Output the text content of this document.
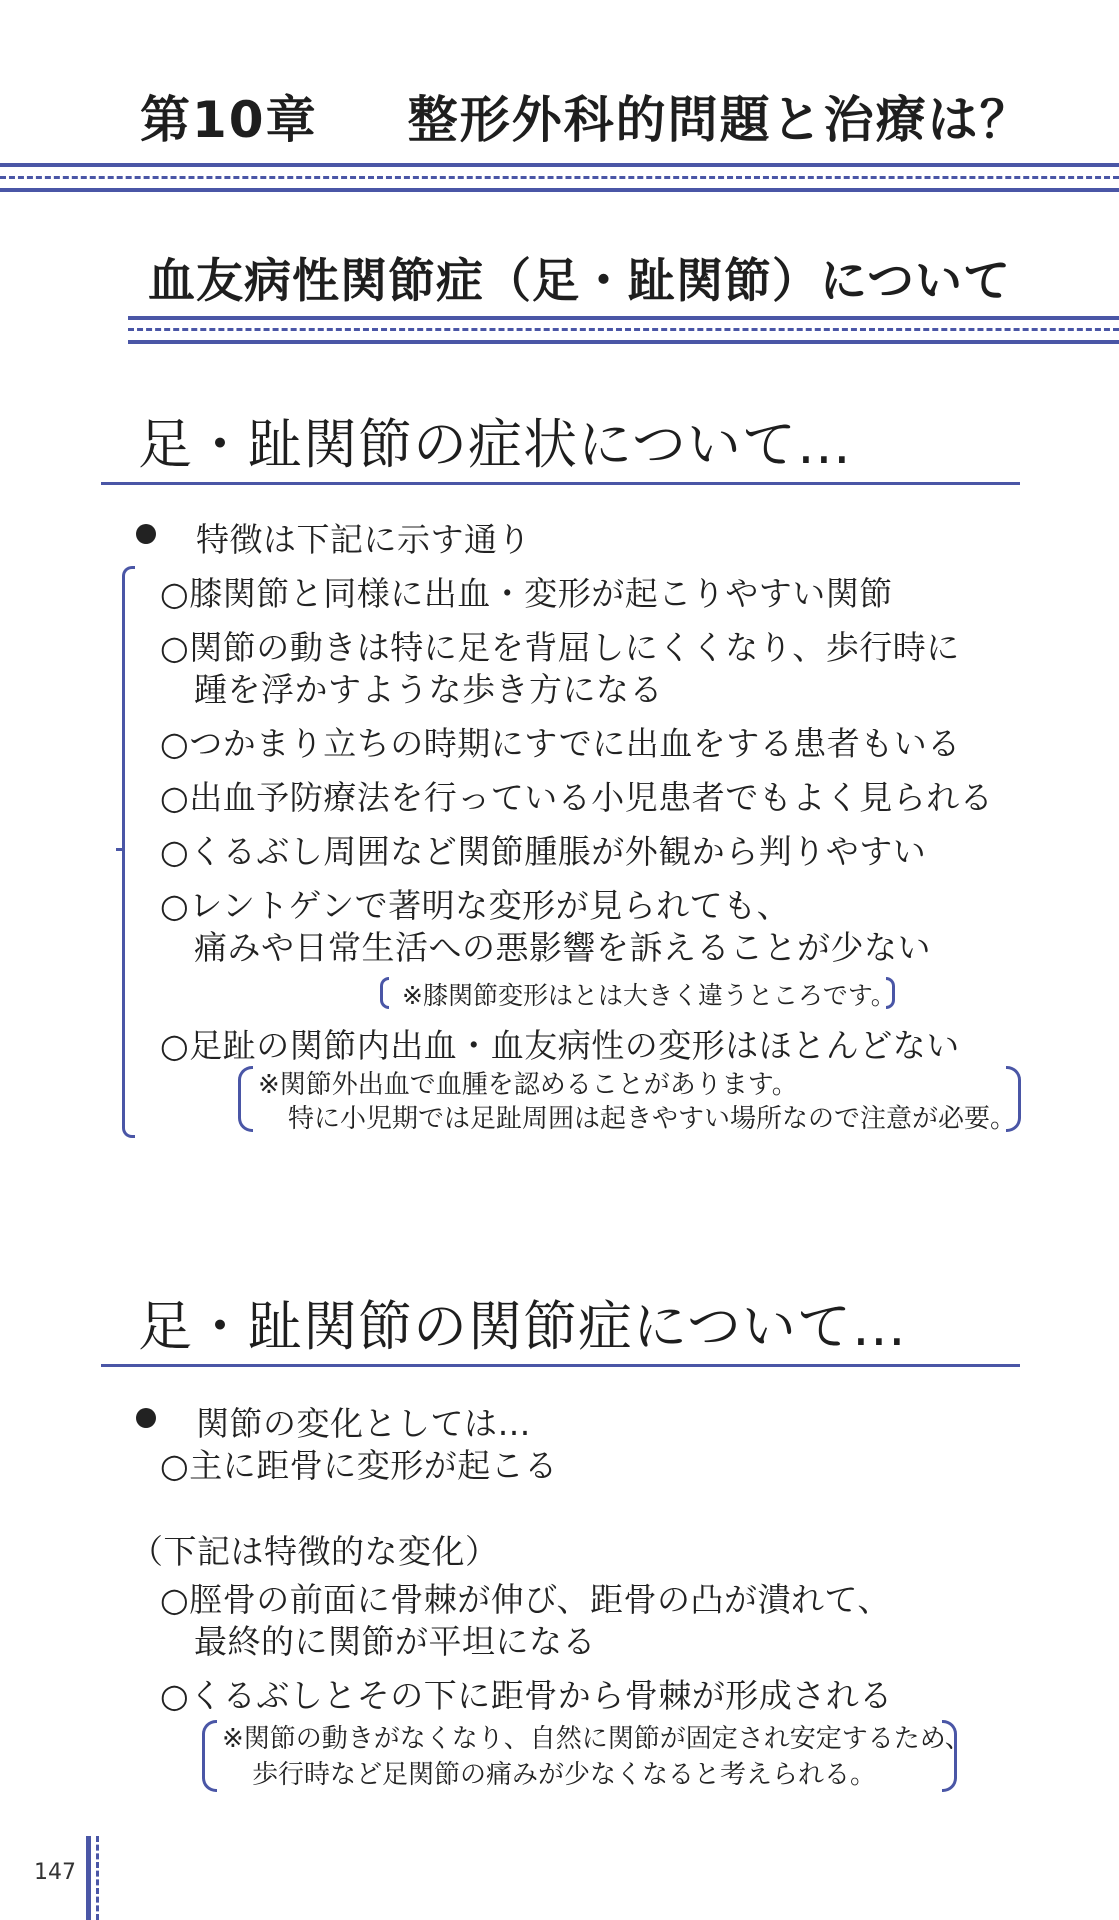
第10章 整形外科的問題と治療は？
血友病性関節症（足・趾関節）について
足・趾関節の症状について…
特徴は下記に示す通り
○膝関節と同様に出血・変形が起こりやすい関節
○関節の動きは特に足を背屈しにくくなり、歩行時に
踵を浮かすような歩き方になる
○つかまり立ちの時期にすでに出血をする患者もいる
○出血予防療法を行っている小児患者でもよく見られる
○くるぶし周囲など関節腫脹が外観から判りやすい
○レントゲンで著明な変形が見られても、
痛みや日常生活への悪影響を訴えることが少ない
※膝関節変形はとは大きく違うところです。
○足趾の関節内出血・血友病性の変形はほとんどない
※関節外出血で血腫を認めることがあります。
特に小児期では足趾周囲は起きやすい場所なので注意が必要。
足・趾関節の関節症について…
関節の変化としては…
○主に距骨に変形が起こる
（下記は特徴的な変化）
○脛骨の前面に骨棘が伸び、距骨の凸が潰れて、
最終的に関節が平坦になる
○くるぶしとその下に距骨から骨棘が形成される
※関節の動きがなくなり、自然に関節が固定され安定するため、
歩行時など足関節の痛みが少なくなると考えられる。
147
